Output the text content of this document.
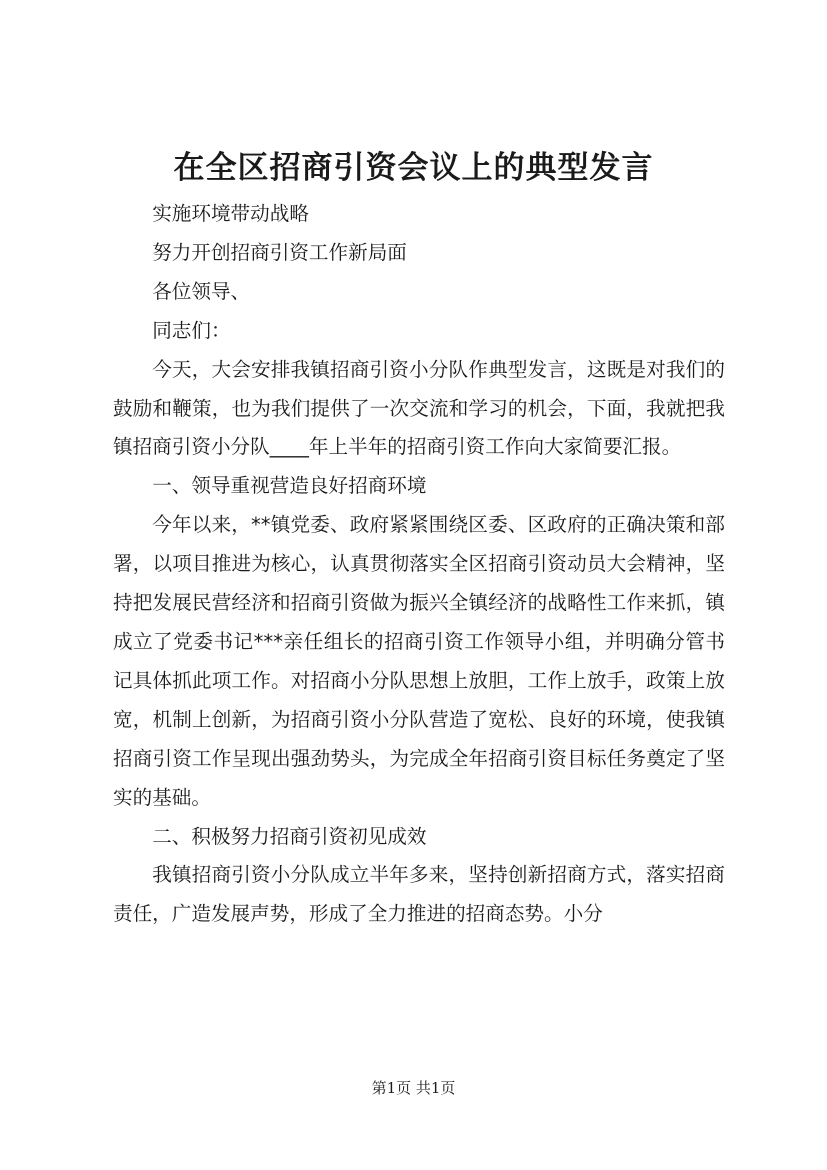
在全区招商引资会议上的典型发言

实施环境带动战略

努力开创招商引资工作新局面

各位领导、

同志们：

今天，大会安排我镇招商引资小分队作典型发言，这既是对我们的鼓励和鞭策，也为我们提供了一次交流和学习的机会，下面，我就把我镇招商引资小分队____年上半年的招商引资工作向大家简要汇报。

一、领导重视营造良好招商环境

今年以来，**镇党委、政府紧紧围绕区委、区政府的正确决策和部署，以项目推进为核心，认真贯彻落实全区招商引资动员大会精神，坚持把发展民营经济和招商引资做为振兴全镇经济的战略性工作来抓，镇成立了党委书记***亲任组长的招商引资工作领导小组，并明确分管书记具体抓此项工作。对招商小分队思想上放胆，工作上放手，政策上放宽，机制上创新，为招商引资小分队营造了宽松、良好的环境，使我镇招商引资工作呈现出强劲势头，为完成全年招商引资目标任务奠定了坚实的基础。

二、积极努力招商引资初见成效

我镇招商引资小分队成立半年多来，坚持创新招商方式，落实招商责任，广造发展声势，形成了全力推进的招商态势。小分

第1页 共1页
